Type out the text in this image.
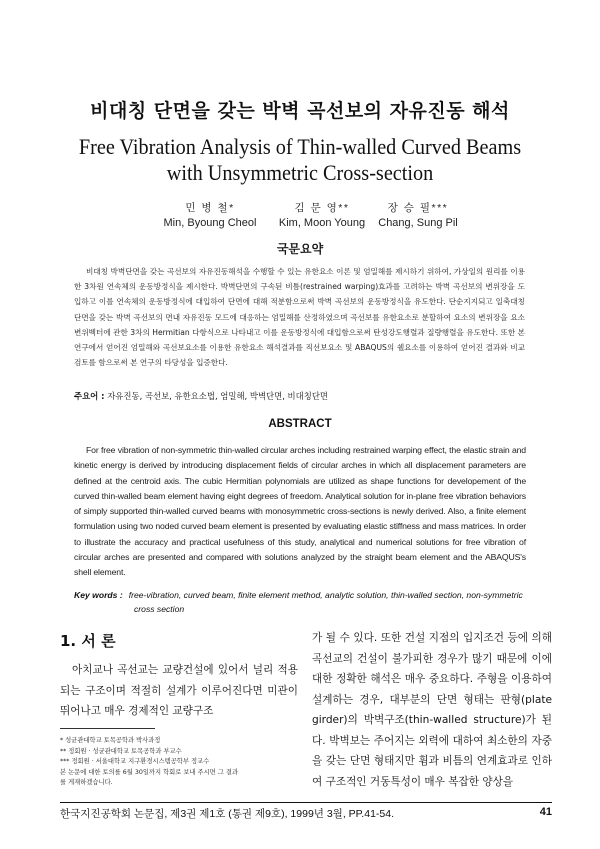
비대칭 단면을 갖는 박벽 곡선보의 자유진동 해석
Free Vibration Analysis of Thin-walled Curved Beams
with Unsymmetric Cross-section
민 병 철*
Min, Byoung Cheol
김 문 영**
Kim, Moon Young
장 승 필***
Chang, Sung Pil
국문요약
비대칭 박벽단면을 갖는 곡선보의 자유진동해석을 수행할 수 있는 유한요소 이론 및 엄밀해를 제시하기 위하여, 가상일의 원리를 이용한 3차원 연속체의 운동방정식을 제시한다. 박벽단면의 구속된 비틈(restrained warping)효과를 고려하는 박벽 곡선보의 변위장을 도입하고 이를 연속체의 운동방정식에 대입하여 단면에 대해 적분함으로써 박벽 곡선보의 운동방정식을 유도한다. 단순지지되고 일축대칭단면을 갖는 박벽 곡선보의 면내 자유진동 모드에 대응하는 엄밀해를 산정하였으며 곡선보를 유한요소로 분할하여 요소의 변위장을 요소 변위벡터에 관한 3차의 Hermitian 다항식으로 나타내고 이를 운동방정식에 대입함으로써 탄성강도행렬과 질량행렬을 유도한다. 또한 본 연구에서 얻어진 엄밀해와 곡선보요소를 이용한 유한요소 해석결과를 직선보요소 및 ABAQUS의 쉘요소를 이용하여 얻어진 결과와 비교 검토를 함으로써 본 연구의 타당성을 입증한다.
주요어 : 자유진동, 곡선보, 유한요소법, 엄밀해, 박벽단면, 비대칭단면
ABSTRACT
For free vibration of non-symmetric thin-walled circular arches including restrained warping effect, the elastic strain and kinetic energy is derived by introducing displacement fields of circular arches in which all displacement parameters are defined at the centroid axis. The cubic Hermitian polynomials are utilized as shape functions for developement of the curved thin-walled beam element having eight degrees of freedom. Analytical solution for in-plane free vibration behaviors of simply supported thin-walled curved beams with monosymmetric cross-sections is newly derived. Also, a finite element formulation using two noded curved beam element is presented by evaluating elastic stiffness and mass matrices. In order to illustrate the accuracy and practical usefulness of this study, analytical and numerical solutions for free vibration of circular arches are presented and compared with solutions analyzed by the straight beam element and the ABAQUS's shell element.
Key words : free-vibration, curved beam, finite element method, analytic solution, thin-walled section, non-symmetric
cross section
1. 서 론
아치교나 곡선교는 교량건설에 있어서 널리 적용되는 구조이며 적절히 설계가 이루어진다면 미관이 뛰어나고 매우 경제적인 교량구조
가 될 수 있다. 또한 건설 지점의 입지조건 등에 의해 곡선교의 건설이 불가피한 경우가 많기 때문에 이에 대한 정확한 해석은 매우 중요하다. 주형을 이용하여 설계하는 경우, 대부분의 단면 형태는 판형(plate girder)의 박벽구조(thin-walled structure)가 된다. 박벽보는 주어지는 외력에 대하여 최소한의 자중을 갖는 단면 형태지만 휨과 비틈의 연계효과로 인하여 구조적인 거동특성이 매우 복잡한 양상을
* 성균관대학교 토목공학과 박사과정
** 정회원 · 성균관대학교 토목공학과 부교수
*** 정회원 · 서울대학교 지구환경시스템공학부 정교수
본 논문에 대한 토의를 6월 30일까지 학회로 보내 주시면 그 결과
를 게재하겠습니다.
한국지진공학회 논문집, 제3권 제1호 (통권 제9호), 1999년 3월, PP.41-54.	41
